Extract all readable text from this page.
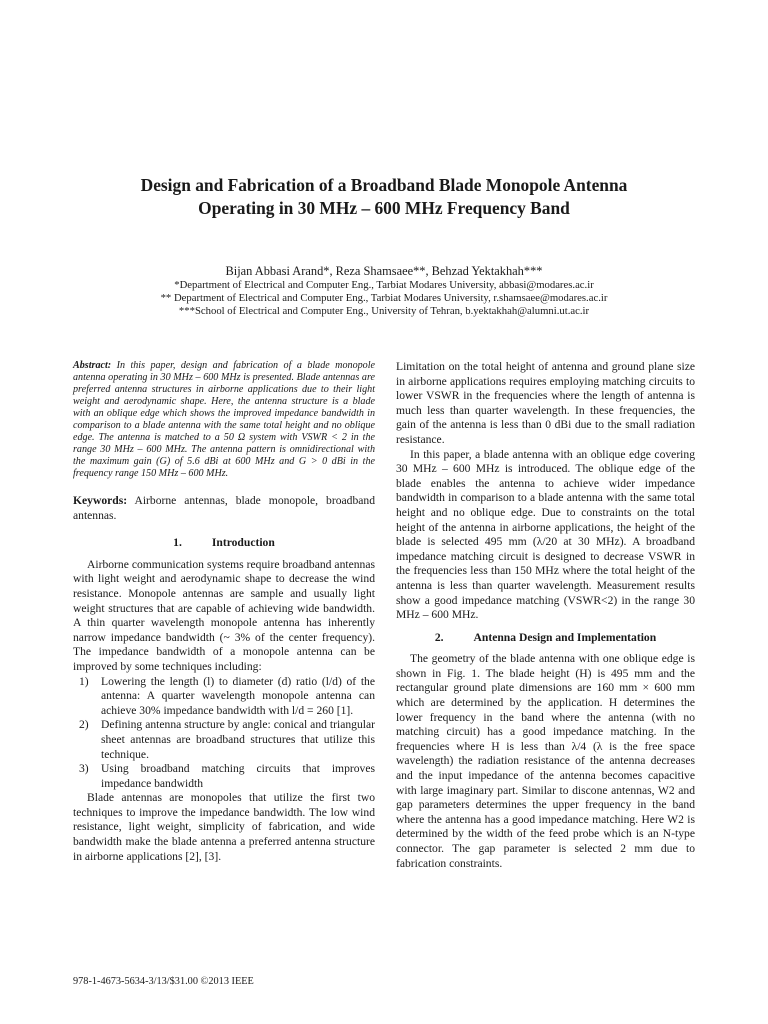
Design and Fabrication of a Broadband Blade Monopole Antenna
Operating in 30 MHz – 600 MHz Frequency Band
Bijan Abbasi Arand*, Reza Shamsaee**, Behzad Yektakhah***
*Department of Electrical and Computer Eng., Tarbiat Modares University, abbasi@modares.ac.ir
** Department of Electrical and Computer Eng., Tarbiat Modares University, r.shamsaee@modares.ac.ir
***School of Electrical and Computer Eng., University of Tehran, b.yektakhah@alumni.ut.ac.ir

Abstract: In this paper, design and fabrication of a blade monopole antenna operating in 30 MHz – 600 MHz is presented. Blade antennas are preferred antenna structures in airborne applications due to their light weight and aerodynamic shape. Here, the antenna structure is a blade with an oblique edge which shows the improved impedance bandwidth in comparison to a blade antenna with the same total height and no oblique edge. The antenna is matched to a 50 Ω system with VSWR < 2 in the range 30 MHz – 600 MHz. The antenna pattern is omnidirectional with the maximum gain (G) of 5.6 dBi at 600 MHz and G > 0 dBi in the frequency range 150 MHz – 600 MHz.

Keywords: Airborne antennas, blade monopole, broadband antennas.

1.	Introduction

Airborne communication systems require broadband antennas with light weight and aerodynamic shape to decrease the wind resistance. Monopole antennas are sample and usually light weight structures that are capable of achieving wide bandwidth. A thin quarter wavelength monopole antenna has inherently narrow impedance bandwidth (~ 3% of the center frequency). The impedance bandwidth of a monopole antenna can be improved by some techniques including:

1) Lowering the length (l) to diameter (d) ratio (l/d) of the antenna: A quarter wavelength monopole antenna can achieve 30% impedance bandwidth with l/d = 260 [1].
2) Defining antenna structure by angle: conical and triangular sheet antennas are broadband structures that utilize this technique.
3) Using broadband matching circuits that improves impedance bandwidth

Blade antennas are monopoles that utilize the first two techniques to improve the impedance bandwidth. The low wind resistance, light weight, simplicity of fabrication, and wide bandwidth make the blade antenna a preferred antenna structure in airborne applications [2], [3].

Limitation on the total height of antenna and ground plane size in airborne applications requires employing matching circuits to lower VSWR in the frequencies where the length of antenna is much less than quarter wavelength. In these frequencies, the gain of the antenna is less than 0 dBi due to the small radiation resistance.

In this paper, a blade antenna with an oblique edge covering 30 MHz – 600 MHz is introduced. The oblique edge of the blade enables the antenna to achieve wider impedance bandwidth in comparison to a blade antenna with the same total height and no oblique edge. Due to constraints on the total height of the antenna in airborne applications, the height of the blade is selected 495 mm (λ/20 at 30 MHz). A broadband impedance matching circuit is designed to decrease VSWR in the frequencies less than 150 MHz where the total height of the antenna is less than quarter wavelength. Measurement results show a good impedance matching (VSWR<2) in the range 30 MHz – 600 MHz.

2.	Antenna Design and Implementation

The geometry of the blade antenna with one oblique edge is shown in Fig. 1. The blade height (H) is 495 mm and the rectangular ground plate dimensions are 160 mm × 600 mm which are determined by the application. H determines the lower frequency in the band where the antenna (with no matching circuit) has a good impedance matching. In the frequencies where H is less than λ/4 (λ is the free space wavelength) the radiation resistance of the antenna decreases and the input impedance of the antenna becomes capacitive with large imaginary part. Similar to discone antennas, W2 and gap parameters determines the upper frequency in the band where the antenna has a good impedance matching. Here W2 is determined by the width of the feed probe which is an N-type connector. The gap parameter is selected 2 mm due to fabrication constraints.

978-1-4673-5634-3/13/$31.00 ©2013 IEEE
